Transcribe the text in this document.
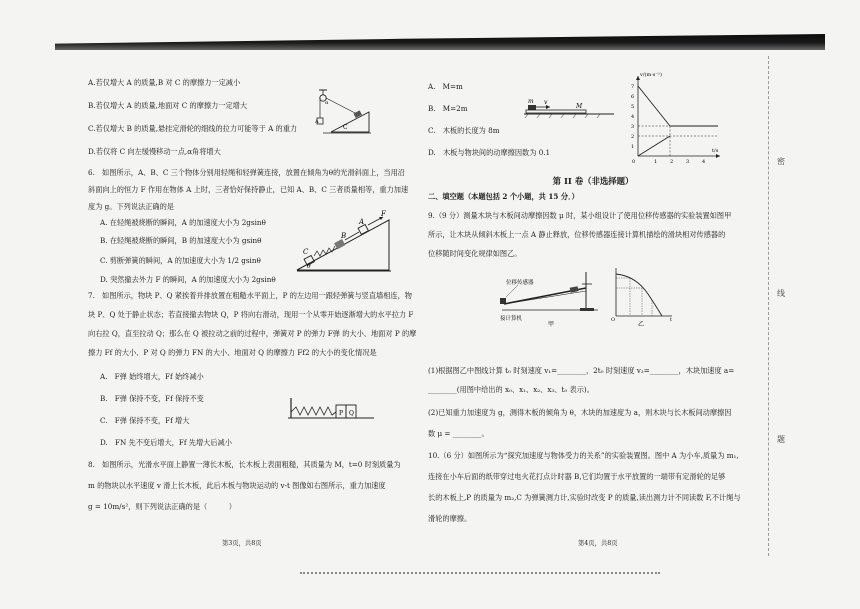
A.若仅增大 A 的质量,B 对 C 的摩擦力一定减小
B.若仅增大 A 的质量,地面对 C 的摩擦力一定增大
C.若仅增大 B 的质量,悬挂定滑轮的细线的拉力可能等于 A 的重力
D.若仅将 C 向左缓慢移动一点,α角将增大
α
A
C
6.　如图所示，A、B、C 三个物体分别用轻绳和轻弹簧连接，放置在倾角为θ的光滑斜面上，当用沿
斜面向上的恒力 F 作用在物体 A 上时，三者恰好保持静止，已知 A、B、C 三者质量相等，重力加速
度为 g。下列说法正确的是
A. 在轻绳被烧断的瞬间，A 的加速度大小为 2gsinθ
B. 在轻绳被烧断的瞬间，B 的加速度大小为 gsinθ
C. 剪断弹簧的瞬间，A 的加速度大小为 1/2 gsinθ
D. 突然撤去外力 F 的瞬间，A 的加速度大小为 2gsinθ
C
B
A
F
θ
7.　如图所示，物块 P、Q 紧挨着并排放置在粗糙水平面上，P 的左边用一跟轻弹簧与竖直墙相连，物
块 P、Q 处于静止状态；若直接撤去物块 Q，P 将向右滑动，现用一个从零开始逐渐增大的水平拉力 F
向右拉 Q，直至拉动 Q；那么在 Q 被拉动之前的过程中，弹簧对 P 的弹力 F弹 的大小、地面对 P 的摩
擦力 Ff 的大小、P 对 Q 的弹力 FN 的大小、地面对 Q 的摩擦力 Ff2 的大小的变化情况是
A.　F弹 始终增大，Ff 始终减小
B.　F弹 保持不变，Ff 保持不变
C.　F弹 保持不变，Ff 增大
D.　FN 先不变后增大，Ff 先增大后减小
P Q
8.　如图所示，光滑水平面上静置一薄长木板，长木板上表面粗糙，其质量为 M，t=0 时刻质量为
m 的物块以水平速度 v 滑上长木板，此后木板与物块运动的 v-t 图像如右图所示，重力加速度
g = 10m/s²，则下列说法正确的是（　　　）
第3页，共8页
A.　M=m
B.　M=2m
C.　木板的长度为 8m
D.　木板与物块间的动摩擦因数为 0.1
m v
M
1
2
3
4
5
6
7
1	2	3	4
0
v/(m·s⁻¹)
t/s
第 II 卷（非选择题）
二、填空题（本题包括 2 个小题，共 15 分．）
9.（9 分）测量木块与木板间动摩擦因数 μ 时，某小组设计了使用位移传感器的实验装置如图甲
所示，让木块从倾斜木板上一点 A 静止释放，位移传感器连接计算机描绘的滑块相对传感器的
位移随时间变化规律如图乙。
位移传感器
接计算机
甲
O	t
乙
(1)根据图乙中图线计算 t₀ 时刻速度 v₁=________，2t₀ 时刻速度 v₂=________，木块加速度 a=
________(用图中给出的 x₀、x₁、x₂、x₃、t₀ 表示)。
(2)已知重力加速度为 g，测得木板的倾角为 θ，木块的加速度为 a，则木块与长木板间动摩擦因
数 μ = ________。
10.（6 分）如图所示为“探究加速度与物体受力的关系”的实验装置图。图中 A 为小车,质量为 m₁,
连接在小车后面的纸带穿过电火花打点计时器 B,它们均置于水平放置的一端带有定滑轮的足够
长的木板上,P 的质量为 m₂,C 为弹簧测力计,实验时改变 P 的质量,读出测力计不同读数 F,不计绳与
滑轮的摩擦。
第4页，共8页
密
线
题
